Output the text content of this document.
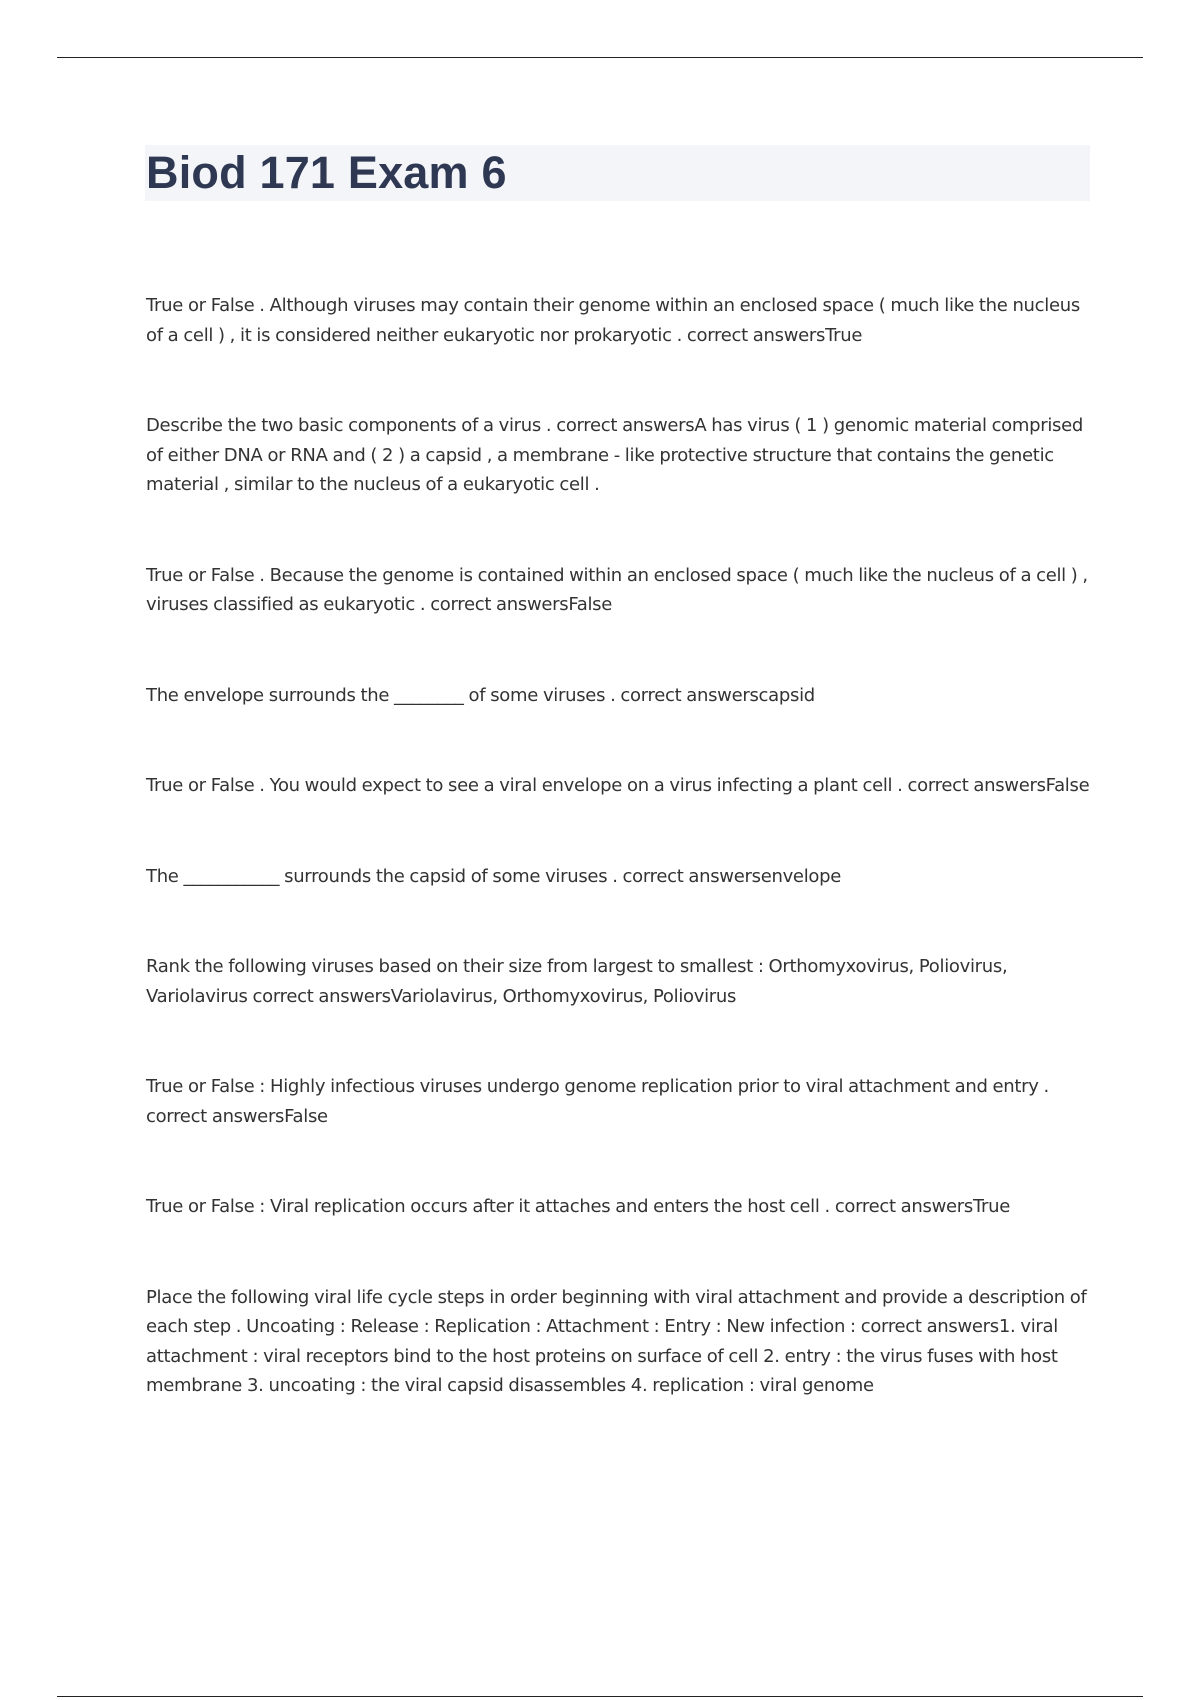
Biod 171 Exam 6

True or False . Although viruses may contain their genome within an enclosed space ( much like the nucleus of a cell ) , it is considered neither eukaryotic nor prokaryotic . correct answersTrue

Describe the two basic components of a virus . correct answersA has virus ( 1 ) genomic material comprised of either DNA or RNA and ( 2 ) a capsid , a membrane - like protective structure that contains the genetic material , similar to the nucleus of a eukaryotic cell .

True or False . Because the genome is contained within an enclosed space ( much like the nucleus of a cell ) , viruses classified as eukaryotic . correct answersFalse

The envelope surrounds the ________ of some viruses . correct answerscapsid

True or False . You would expect to see a viral envelope on a virus infecting a plant cell . correct answersFalse

The ___________ surrounds the capsid of some viruses . correct answersenvelope

Rank the following viruses based on their size from largest to smallest : Orthomyxovirus, Poliovirus, Variolavirus correct answersVariolavirus, Orthomyxovirus, Poliovirus

True or False : Highly infectious viruses undergo genome replication prior to viral attachment and entry . correct answersFalse

True or False : Viral replication occurs after it attaches and enters the host cell . correct answersTrue

Place the following viral life cycle steps in order beginning with viral attachment and provide a description of each step . Uncoating : Release : Replication : Attachment : Entry : New infection : correct answers1. viral attachment : viral receptors bind to the host proteins on surface of cell 2. entry : the virus fuses with host membrane 3. uncoating : the viral capsid disassembles 4. replication : viral genome
